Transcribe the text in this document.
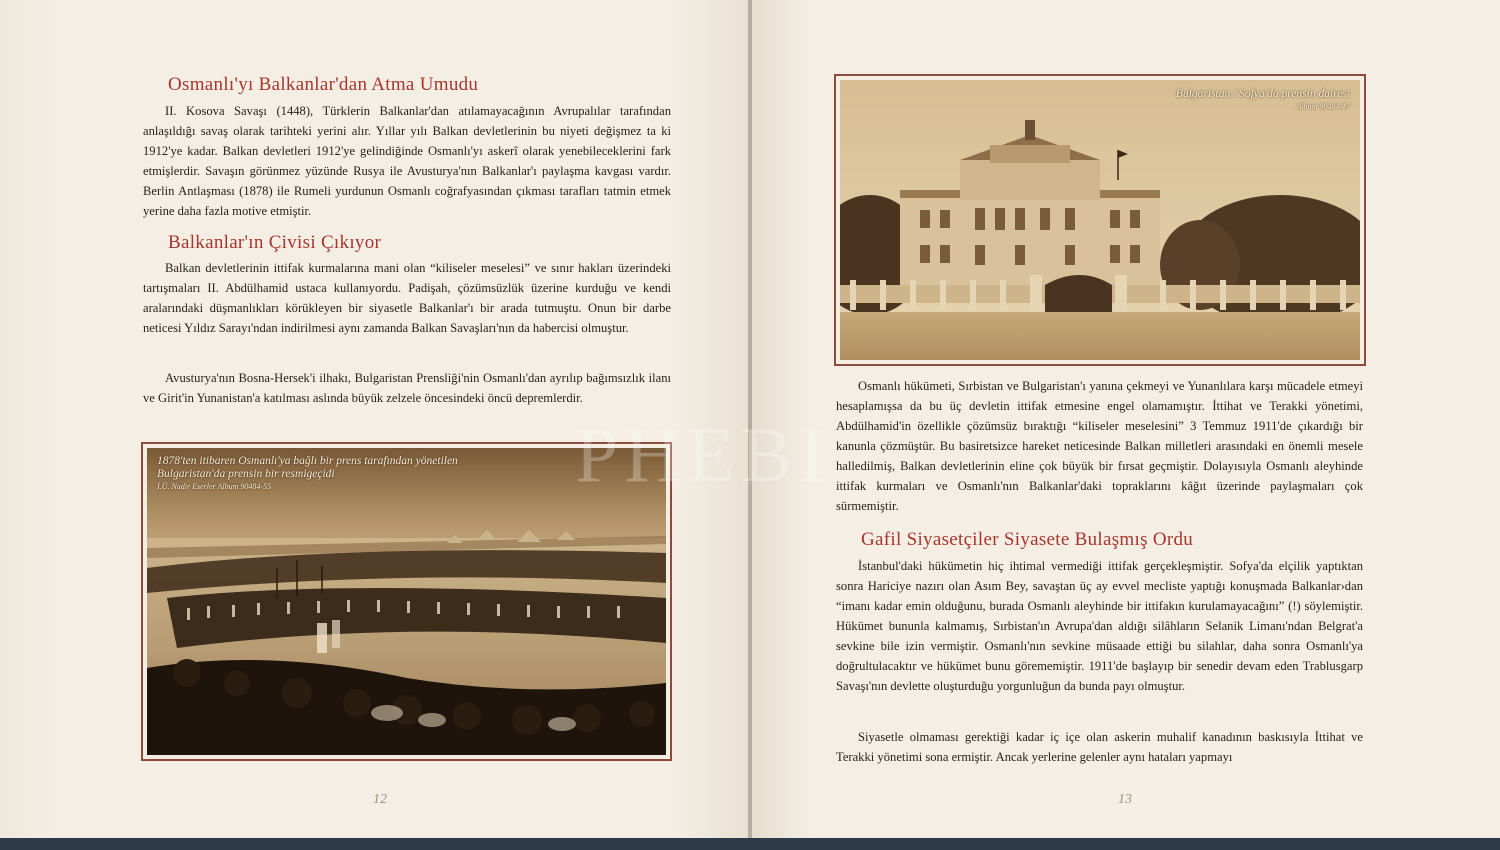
Osmanlı'yı Balkanlar'dan Atma Umudu

II. Kosova Savaşı (1448), Türklerin Balkanlar'dan atılamayacağının Avrupalılar tarafından anlaşıldığı savaş olarak tarihteki yerini alır. Yıllar yılı Balkan devletlerinin bu niyeti değişmez ta ki 1912'ye kadar. Balkan devletleri 1912'ye gelindiğinde Osmanlı'yı askerî olarak yenebileceklerini fark etmişlerdir. Savaşın görünmez yüzünde Rusya ile Avusturya'nın Balkanlar'ı paylaşma kavgası vardır. Berlin Antlaşması (1878) ile Rumeli yurdunun Osmanlı coğrafyasından çıkması tarafları tatmin etmek yerine daha fazla motive etmiştir.

Balkanlar'ın Çivisi Çıkıyor

Balkan devletlerinin ittifak kurmalarına mani olan “kiliseler meselesi” ve sınır hakları üzerindeki tartışmaları II. Abdülhamid ustaca kullanıyordu. Padişah, çözümsüzlük üzerine kurduğu ve kendi aralarındaki düşmanlıkları körükleyen bir siyasetle Balkanlar'ı bir arada tutmuştu. Onun bir darbe neticesi Yıldız Sarayı'ndan indirilmesi aynı zamanda Balkan Savaşları'nın da habercisi olmuştur.

Avusturya'nın Bosna-Hersek'i ilhakı, Bulgaristan Prensliği'nin Osmanlı'dan ayrılıp bağımsızlık ilanı ve Girit'in Yunanistan'a katılması aslında büyük zelzele öncesindeki öncü depremlerdir.

1878'ten itibaren Osmanlı'ya bağlı bir prens tarafından yönetilen
Bulgaristan'da prensin bir resmigeçidi
İ.Ü. Nadir Eserler Album 90484-55
12
Bulgaristan / Sofya'da prensin dairesi
Album 90484-17

Osmanlı hükümeti, Sırbistan ve Bulgaristan'ı yanına çekmeyi ve Yunanlılara karşı mücadele etmeyi hesaplamışsa da bu üç devletin ittifak etmesine engel olamamıştır. İttihat ve Terakki yönetimi, Abdülhamid'in özellikle çözümsüz bıraktığı “kiliseler meselesini” 3 Temmuz 1911'de çıkardığı bir kanunla çözmüştür. Bu basiretsizce hareket neticesinde Balkan milletleri arasındaki en önemli mesele halledilmiş, Balkan devletlerinin eline çok büyük bir fırsat geçmiştir. Dolayısıyla Osmanlı aleyhinde ittifak kurmaları ve Osmanlı'nın Balkanlar'daki topraklarını kâğıt üzerinde paylaşmaları çok sürmemiştir.

Gafil Siyasetçiler Siyasete Bulaşmış Ordu

İstanbul'daki hükümetin hiç ihtimal vermediği ittifak gerçekleşmiştir. Sofya'da elçilik yaptıktan sonra Hariciye nazırı olan Asım Bey, savaştan üç ay evvel mecliste yaptığı konuşmada Balkanlar›dan “imanı kadar emin olduğunu, burada Osmanlı aleyhinde bir ittifakın kurulamayacağını” (!) söylemiştir. Hükümet bununla kalmamış, Sırbistan'ın Avrupa'dan aldığı silâhların Selanik Limanı'ndan Belgrat'a sevkine bile izin vermiştir. Osmanlı'nın sevkine müsaade ettiği bu silahlar, daha sonra Osmanlı'ya doğrultulacaktır ve hükümet bunu görememiştir. 1911'de başlayıp bir senedir devam eden Trablusgarp Savaşı'nın devlette oluşturduğu yorgunluğun da bunda payı olmuştur.

Siyasetle olmaması gerektiği kadar iç içe olan askerin muhalif kanadının baskısıyla İttihat ve Terakki yönetimi sona ermiştir. Ancak yerlerine gelenler aynı hataları yapmayı

13
PHEBI
